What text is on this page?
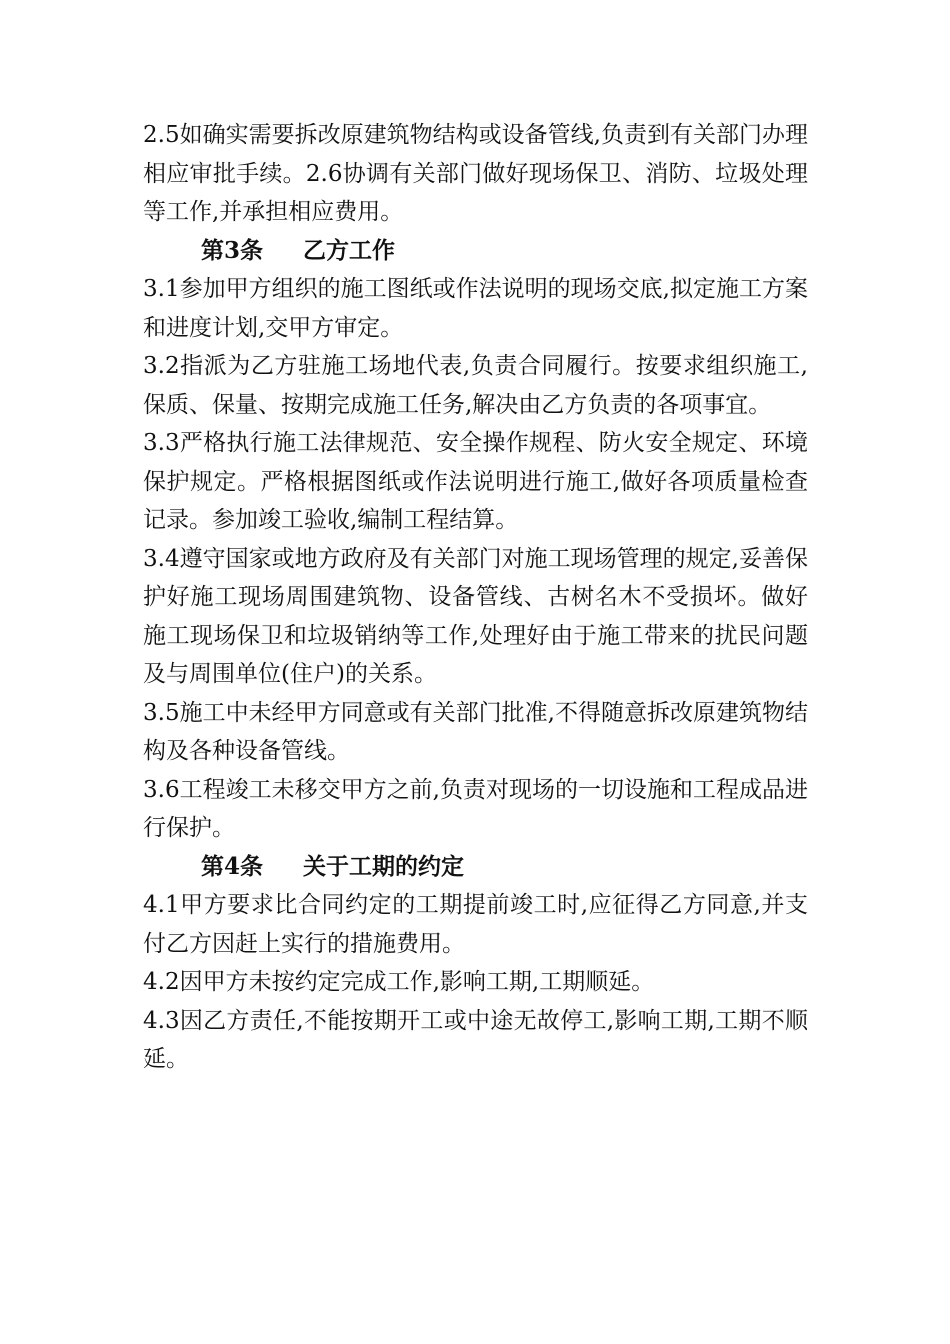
2.5如确实需要拆改原建筑物结构或设备管线,负责到有关部门办理相应审批手续。2.6协调有关部门做好现场保卫、消防、垃圾处理等工作,并承担相应费用。

第3条 乙方工作

3.1参加甲方组织的施工图纸或作法说明的现场交底,拟定施工方案和进度计划,交甲方审定。

3.2指派为乙方驻施工场地代表,负责合同履行。按要求组织施工,保质、保量、按期完成施工任务,解决由乙方负责的各项事宜。

3.3严格执行施工法律规范、安全操作规程、防火安全规定、环境保护规定。严格根据图纸或作法说明进行施工,做好各项质量检查记录。参加竣工验收,编制工程结算。

3.4遵守国家或地方政府及有关部门对施工现场管理的规定,妥善保护好施工现场周围建筑物、设备管线、古树名木不受损坏。做好施工现场保卫和垃圾销纳等工作,处理好由于施工带来的扰民问题及与周围单位(住户)的关系。

3.5施工中未经甲方同意或有关部门批准,不得随意拆改原建筑物结构及各种设备管线。

3.6工程竣工未移交甲方之前,负责对现场的一切设施和工程成品进行保护。

第4条 关于工期的约定

4.1甲方要求比合同约定的工期提前竣工时,应征得乙方同意,并支付乙方因赶上实行的措施费用。

4.2因甲方未按约定完成工作,影响工期,工期顺延。

4.3因乙方责任,不能按期开工或中途无故停工,影响工期,工期不顺延。
